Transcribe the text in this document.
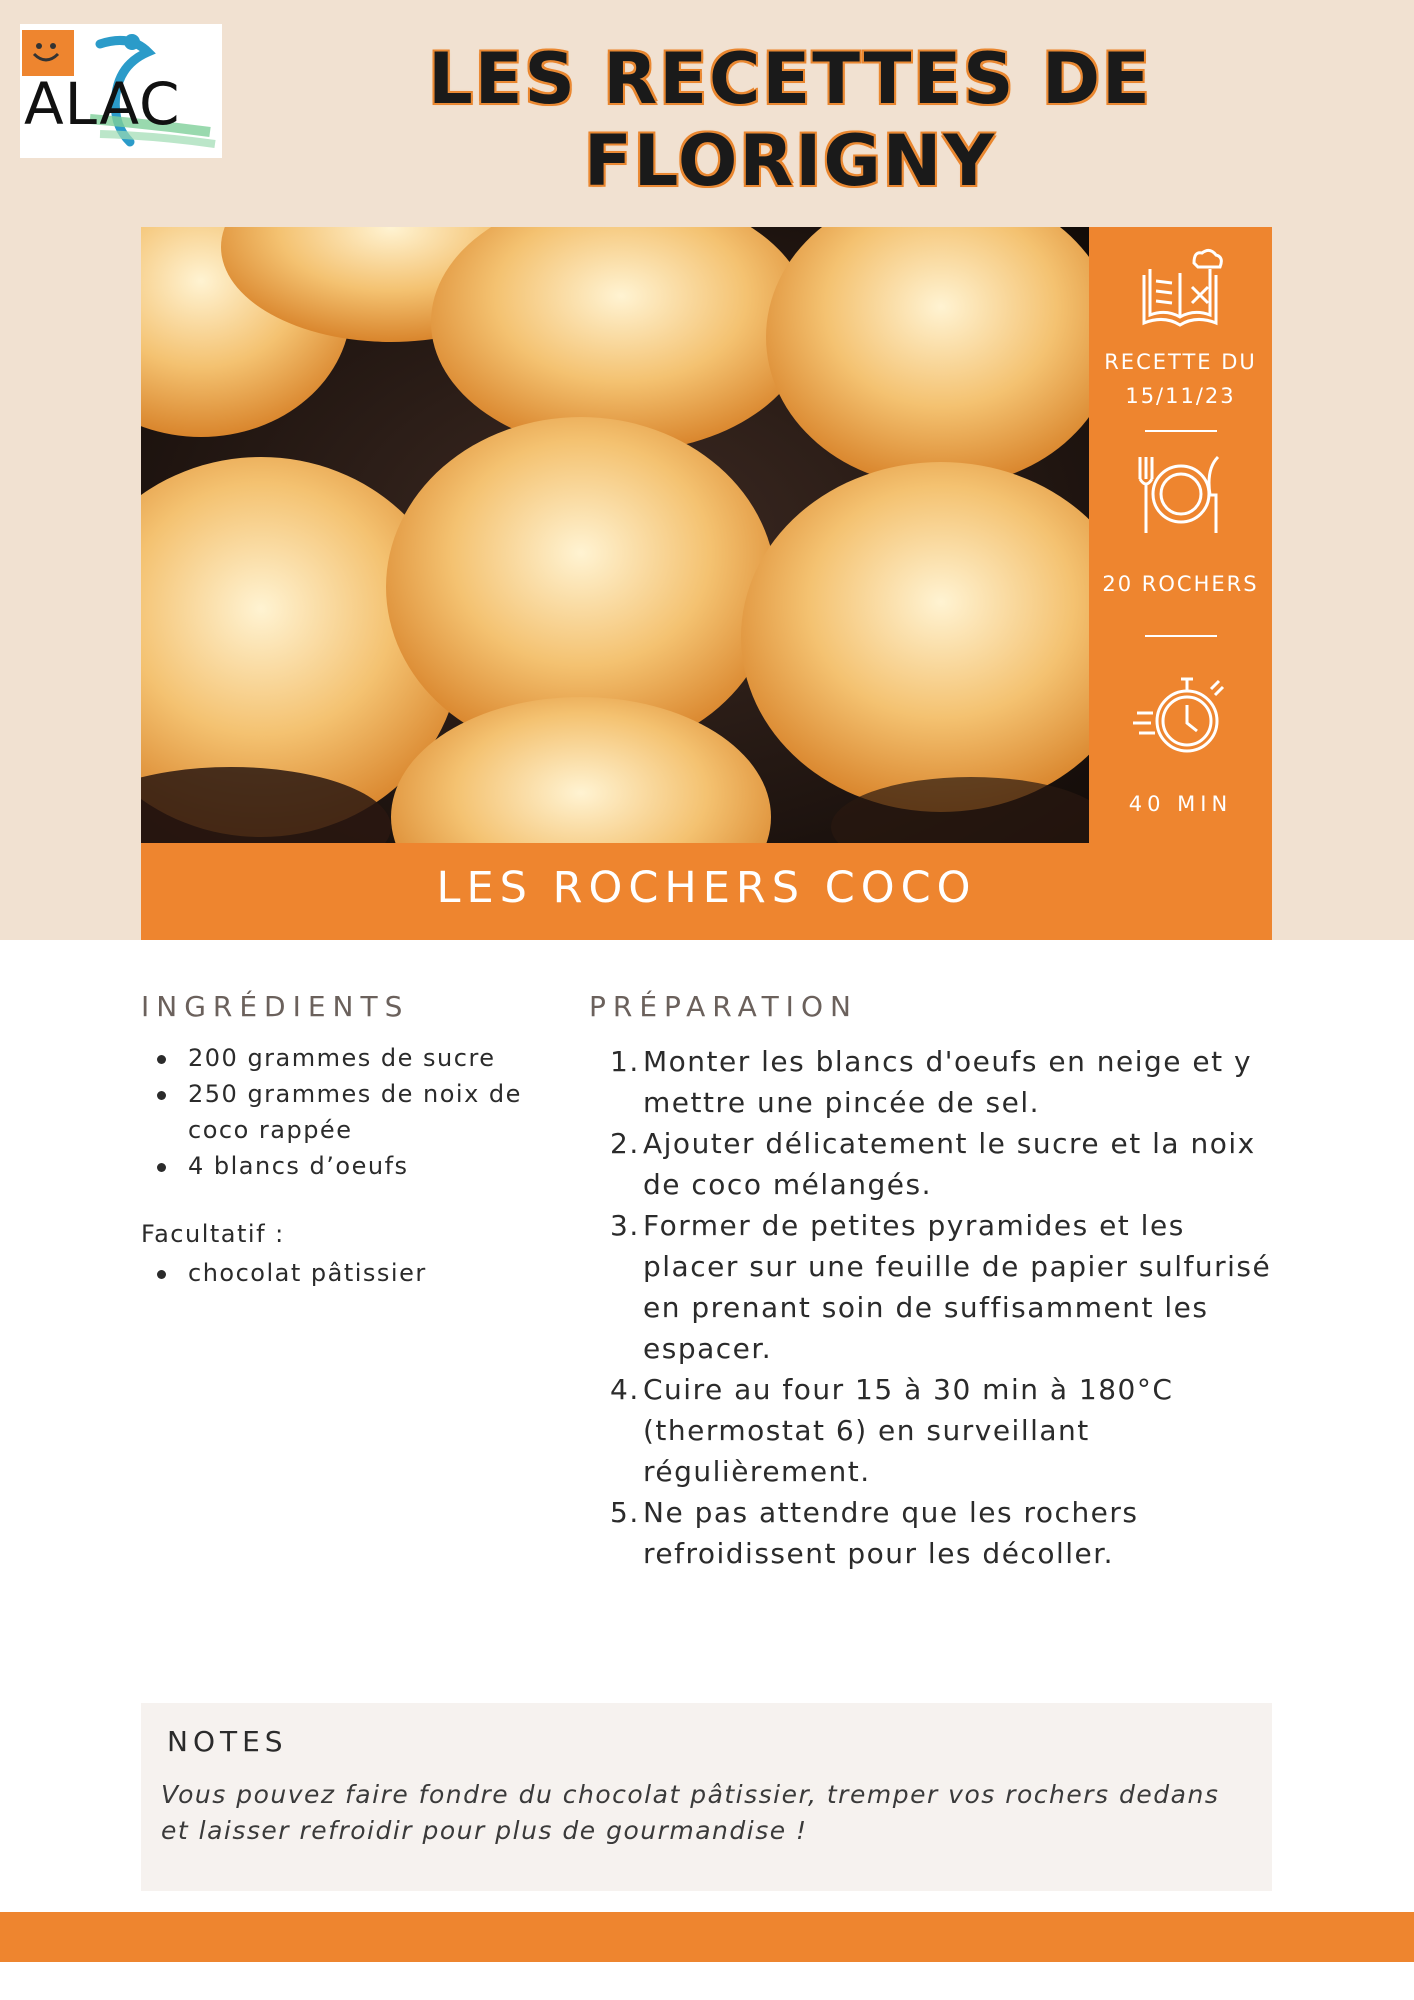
ALAC	LES RECETTES DE FLORIGNY
RECETTE DU
15/11/23
20 ROCHERS
40 MIN
LES ROCHERS COCO
INGRÉDIENTS
200 grammes de sucre
250 grammes de noix de coco rappée
4 blancs d’oeufs
Facultatif :
chocolat pâtissier
PRÉPARATION
1. Monter les blancs d'oeufs en neige et y mettre une pincée de sel.
2. Ajouter délicatement le sucre et la noix de coco mélangés.
3. Former de petites pyramides et les placer sur une feuille de papier sulfurisé en prenant soin de suffisamment les espacer.
4. Cuire au four 15 à 30 min à 180°C (thermostat 6) en surveillant régulièrement.
5. Ne pas attendre que les rochers refroidissent pour les décoller.
NOTES
Vous pouvez faire fondre du chocolat pâtissier, tremper vos rochers dedans et laisser refroidir pour plus de gourmandise !
